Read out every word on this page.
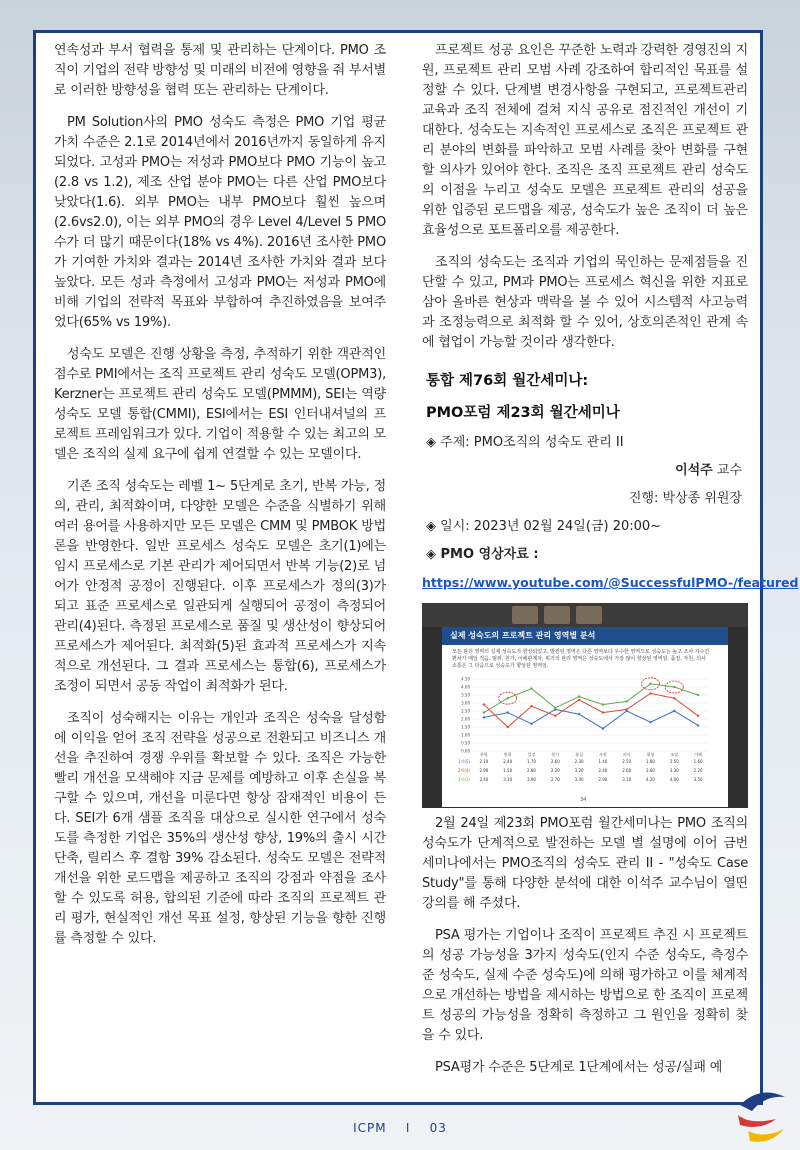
연속성과 부서 협력을 통제 및 관리하는 단계이다. PMO 조직이 기업의 전략 방향성 및 미래의 비전에 영향을 줘 부서별로 이러한 방향성을 협력 또는 관리하는 단계이다.

PM Solution사의 PMO 성숙도 측정은 PMO 기업 평균 가치 수준은 2.1로 2014년에서 2016년까지 동일하게 유지되었다. 고성과 PMO는 저성과 PMO보다 PMO 기능이 높고(2.8 vs 1.2), 제조 산업 분야 PMO는 다른 산업 PMO보다 낮았다(1.6). 외부 PMO는 내부 PMO보다 훨씬 높으며 (2.6vs2.0), 이는 외부 PMO의 경우 Level 4/Level 5 PMO 수가 더 많기 때문이다(18% vs 4%). 2016년 조사한 PMO가 기여한 가치와 결과는 2014년 조사한 가치와 결과 보다 높았다. 모든 성과 측정에서 고성과 PMO는 저성과 PMO에 비해 기업의 전략적 목표와 부합하여 추진하였음을 보여주었다(65% vs 19%).

성숙도 모델은 진행 상황을 측정, 추적하기 위한 객관적인 점수로 PMI에서는 조직 프로젝트 관리 성숙도 모델(OPM3), Kerzner는 프로젝트 관리 성숙도 모델(PMMM), SEI는 역량 성숙도 모델 통합(CMMI), ESI에서는 ESI 인터내셔널의 프로젝트 프레임워크가 있다. 기업이 적용할 수 있는 최고의 모델은 조직의 실제 요구에 쉽게 연결할 수 있는 모델이다.

기존 조직 성숙도는 레벨 1~ 5단계로 초기, 반복 가능, 정의, 관리, 최적화이며, 다양한 모델은 수준을 식별하기 위해 여러 용어를 사용하지만 모든 모델은 CMM 및 PMBOK 방법론을 반영한다. 일반 프로세스 성숙도 모델은 초기(1)에는 임시 프로세스로 기본 관리가 제어되면서 반복 기능(2)로 넘어가 안정적 공정이 진행된다. 이후 프로세스가 정의(3)가 되고 표준 프로세스로 일관되게 실행되어 공정이 측정되어 관리(4)된다. 측정된 프로세스로 품질 및 생산성이 향상되어 프로세스가 제어된다. 최적화(5)된 효과적 프로세스가 지속적으로 개선된다. 그 결과 프로세스는 통합(6), 프로세스가 조정이 되면서 공동 작업이 최적화가 된다.

조직이 성숙해지는 이유는 개인과 조직은 성숙을 달성함에 이익을 얻어 조직 전략을 성공으로 전환되고 비즈니스 개선을 추진하여 경쟁 우위를 확보할 수 있다. 조직은 가능한 빨리 개선을 모색해야 지금 문제를 예방하고 이후 손실을 복구할 수 있으며, 개선을 미룬다면 항상 잠재적인 비용이 든다. SEI가 6개 샘플 조직을 대상으로 실시한 연구에서 성숙도를 측정한 기업은 35%의 생산성 향상, 19%의 출시 시간 단축, 릴리스 후 결함 39% 감소된다. 성숙도 모델은 전략적 개선을 위한 로드맵을 제공하고 조직의 강점과 약점을 조사할 수 있도록 허용, 합의된 기준에 따라 조직의 프로젝트 관리 평가, 현실적인 개선 목표 설정, 향상된 기능을 향한 진행률 측정할 수 있다.

프로젝트 성공 요인은 꾸준한 노력과 강력한 경영진의 지원, 프로젝트 관리 모범 사례 강조하여 합리적인 목표를 설정할 수 있다. 단계별 변경사항을 구현되고, 프로젝트관리 교육과 조직 전체에 걸쳐 지식 공유로 점진적인 개선이 기대한다. 성숙도는 지속적인 프로세스로 조직은 프로젝트 관리 분야의 변화를 파악하고 모범 사례를 찾아 변화를 구현할 의사가 있어야 한다. 조직은 조직 프로젝트 관리 성숙도의 이점을 누리고 성숙도 모델은 프로젝트 관리의 성공을 위한 입증된 로드맵을 제공, 성숙도가 높은 조직이 더 높은 효율성으로 포트폴리오를 제공한다.

조직의 성숙도는 조직과 기업의 묵인하는 문제점들을 진단할 수 있고, PM과 PMO는 프로세스 혁신을 위한 지표로 삼아 올바른 현상과 맥락을 볼 수 있어 시스템적 사고능력과 조정능력으로 최적화 할 수 있어, 상호의존적인 관계 속에 협업이 가능할 것이라 생각한다.

통합 제76회 월간세미나:
PMO포럼 제23회 월간세미나
◈ 주제: PMO조직의 성숙도 관리 II
이석주 교수
진행: 박상종 위원장
◈ 일시: 2023년 02월 24일(금) 20:00~
◈ PMO 영상자료 :
https://www.youtube.com/@SuccessfulPMO-/featured
실제 성숙도의 프로젝트 관리 영역별 분석
모든 관리 영역의 실제 성숙도가 향상되었고, 발전된 영역은 다른 영역보다 우수한 영역으로 성숙도는 높고 조사 자수간 편차가 매일 적음. 범위, 원가, 이해관계자, 위기의 관리 영역은 성숙도에서 가장 많이 향상된 영역임. 품질, 자원, 의사 소통은 그 다음으로 성숙도가 향상된 영역임.
0.00
0.50
1.00
1.50
2.00
2.50
3.00
3.50
4.00
4.50
1차(5) 2.10	2.40	1.70	2.60	2.30	1.40	2.50	1.80	2.50	1.60
2차(4) 2.90	1.50	2.80	2.20	3.20	2.40	2.60	3.60	3.30	2.20
3차(3) 2.40	3.30	3.90	2.70	3.40	2.90	3.10	4.20	4.00	3.50
통합	범위	일정	원가	품질	자원	의사	위험	조달	이해
34

2월 24일 제23회 PMO포럼 월간세미나는 PMO 조직의 성숙도가 단계적으로 발전하는 모델 별 설명에 이어 금번 세미나에서는 PMO조직의 성숙도 관리 II - "성숙도 Case Study"를 통해 다양한 분석에 대한 이석주 교수님이 열띤 강의를 해 주셨다.

PSA 평가는 기업이나 조직이 프로젝트 추진 시 프로젝트의 성공 가능성을 3가지 성숙도(인지 수준 성숙도, 측정수준 성숙도, 실제 수준 성숙도)에 의해 평가하고 이를 체계적으로 개선하는 방법을 제시하는 방법으로 한 조직이 프로젝트 성공의 가능성을 정확히 측정하고 그 원인을 정확히 찾을 수 있다.

PSA평가 수준은 5단계로 1단계에서는 성공/실패 예

ICPM    I    03
